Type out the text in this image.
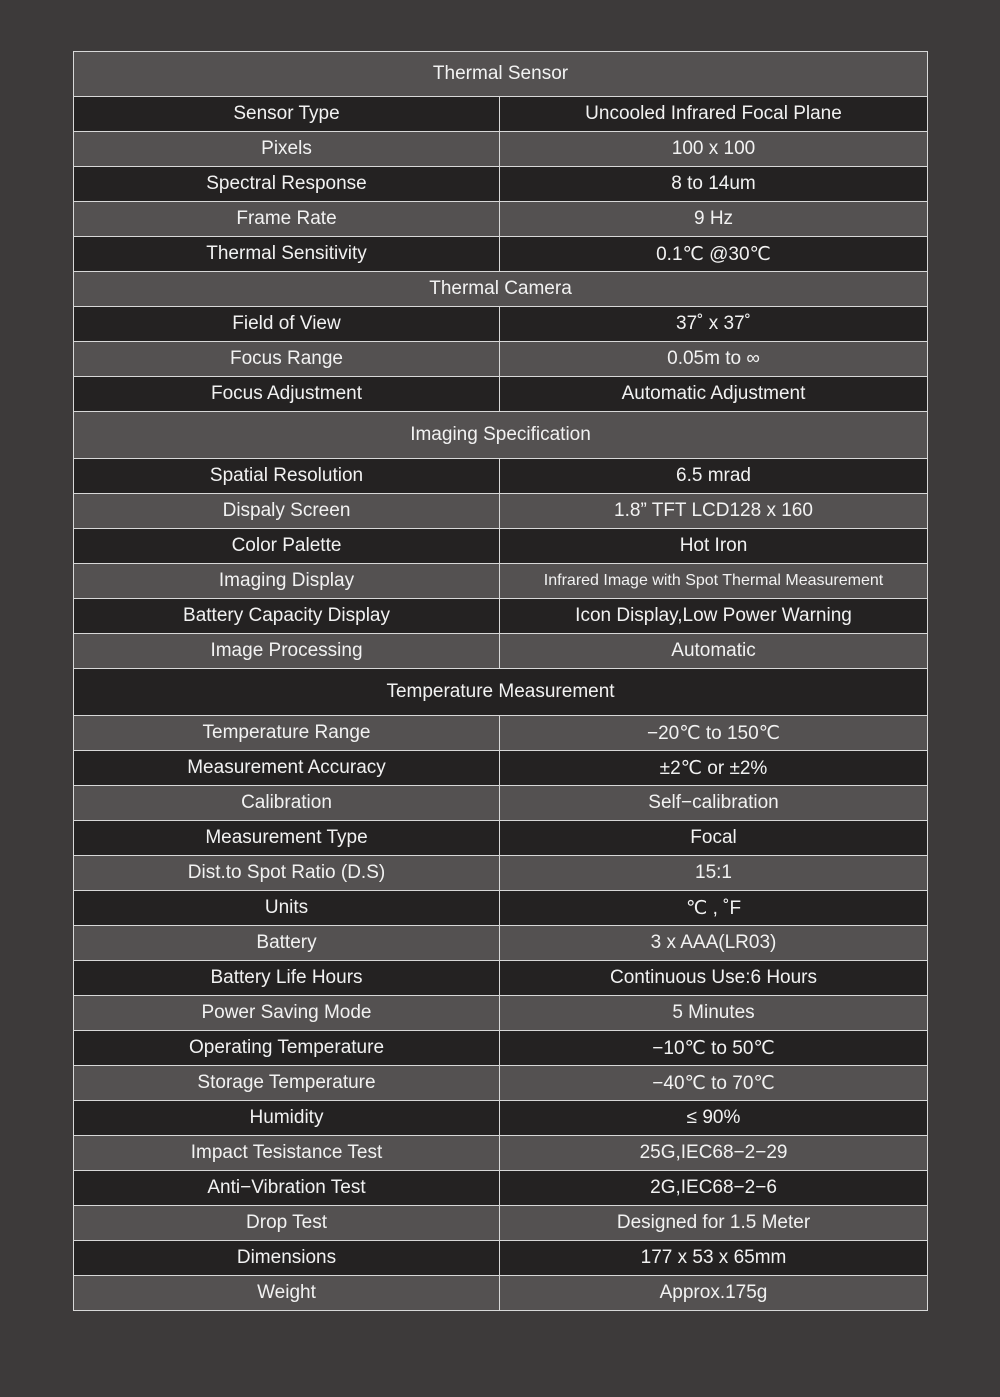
Thermal Sensor	
Sensor Type	Uncooled Infrared Focal Plane
Pixels	100 x 100
Spectral Response	8 to 14um
Frame Rate	9 Hz
Thermal Sensitivity	0.1℃ @30℃
Thermal Camera	
Field of View	37˚ x 37˚
Focus Range	0.05m to ∞
Focus Adjustment	Automatic Adjustment
Imaging Specification	
Spatial Resolution	6.5 mrad
Dispaly Screen	1.8” TFT LCD128 x 160
Color Palette	Hot Iron
Imaging Display	Infrared Image with Spot Thermal Measurement
Battery Capacity Display	Icon Display,Low Power Warning
Image Processing	Automatic
Temperature Measurement	
Temperature Range	−20℃ to 150℃
Measurement Accuracy	±2℃ or ±2%
Calibration	Self−calibration
Measurement Type	Focal
Dist.to Spot Ratio (D.S)	15:1
Units	℃ , ˚F
Battery	3 x AAA(LR03)
Battery Life Hours	Continuous Use:6 Hours
Power Saving Mode	5 Minutes
Operating Temperature	−10℃ to 50℃
Storage Temperature	−40℃ to 70℃
Humidity	≤ 90%
Impact Tesistance Test	25G,IEC68−2−29
Anti−Vibration Test	2G,IEC68−2−6
Drop Test	Designed for 1.5 Meter
Dimensions	177 x 53 x 65mm
Weight	Approx.175g
